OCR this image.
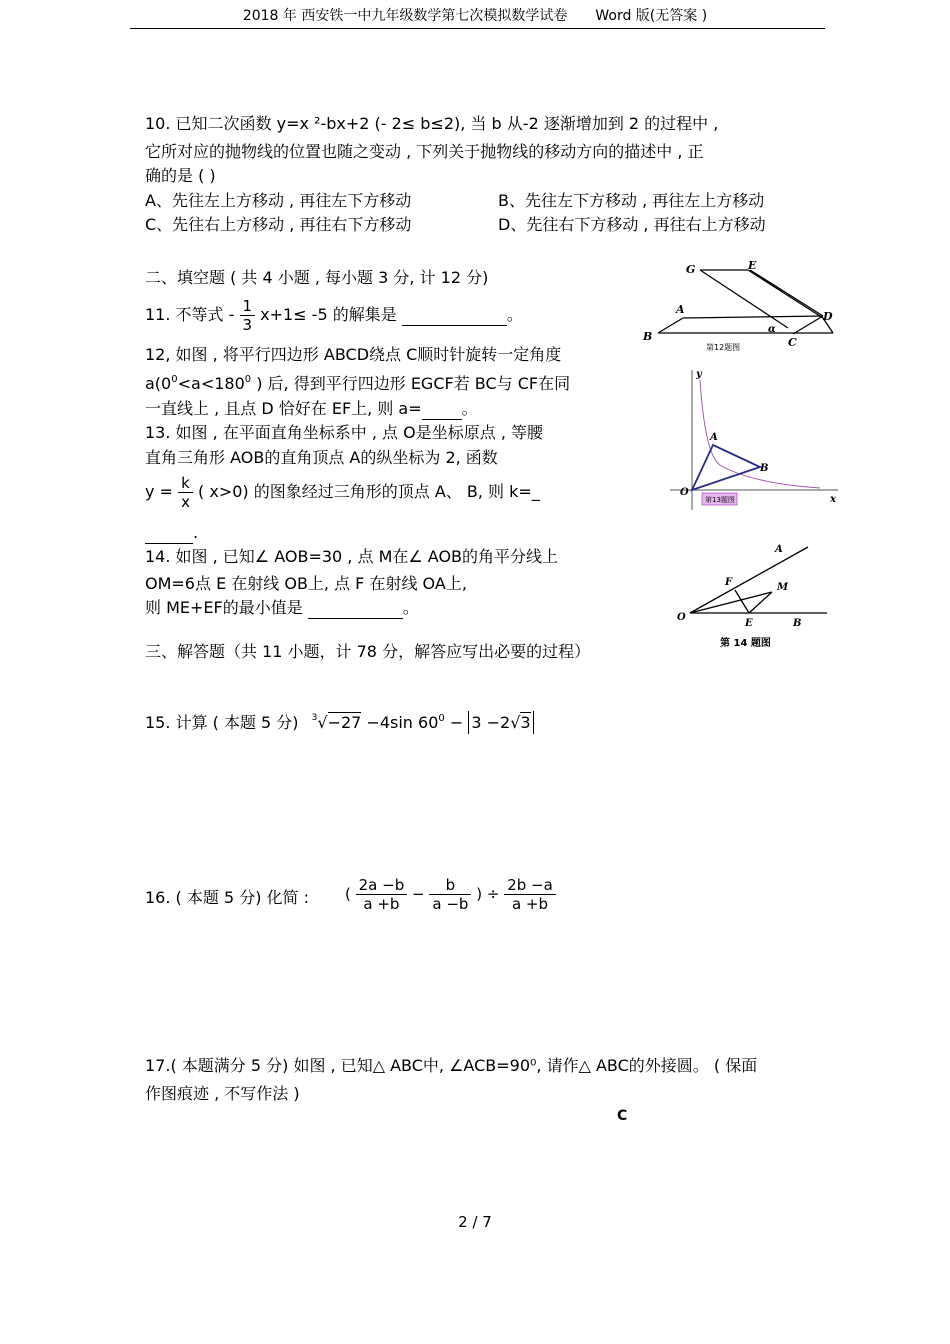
2018 年 西安铁一中九年级数学第七次模拟数学试卷　　Word 版(无答案 )
10. 已知二次函数 y=x ²-bx+2 (- 2≤ b≤2), 当 b 从-2 逐渐增加到 2 的过程中 ,
它所对应的抛物线的位置也随之变动 , 下列关于抛物线的移动方向的描述中 , 正
确的是 ( )
A、先往左上方移动 , 再往左下方移动	B、先往左下方移动 , 再往左上方移动
C、先往右上方移动 , 再往右下方移动	D、先往右下方移动 , 再往右上方移动
二、填空题 ( 共 4 小题 , 每小题 3 分, 计 12 分)
11. 不等式 - $\frac{1}{3} x+1\le -5$ 的解集是	。
12, 如图 , 将平行四边形 ABCD绕点 C顺时针旋转一定角度
$a(0^0<a<180^0$ ) 后, 得到平行四边形 EGCF若 BC与 CF在同
一直线上 , 且点 D 恰好在 EF上, 则 a=	。
13. 如图 , 在平面直角坐标系中 , 点 O是坐标原点 , 等腰
直角三角形 AOB的直角顶点 A的纵坐标为 2, 函数
$y = \frac{k}{x}$ ( x>0) 的图象经过三角形的顶点 A、 B, 则 k=_
.
14. 如图 , 已知∠ AOB=30 , 点 M在∠ AOB的角平分线上
OM=6点 E 在射线 OB上, 点 F 在射线 OA上,
则 ME+EF的最小值是	。
三、解答题（共 11 小题，计 78 分，解答应写出必要的过程）
15. 计算 ( 本题 5 分) $^3$√−27 −4sin $60^0 - 3 -2√3$
16. ( 本题 5 分) 化简 : ( $\frac{2a -b}{a +b} - \frac{b}{a -b}$ ) ÷ $\frac{2b -a}{a +b}$
17.( 本题满分 5 分) 如图 , 已知△ ABC中, ∠ACB=90⁰, 请作△ ABC的外接圆。 ( 保面
作图痕迹 , 不写作法 )
C
G	E
A
D
B	C
α
第12题图
y
x
O
A
B
第13题图
A
F	M
O
E	B
第 14 题图
2 / 7
